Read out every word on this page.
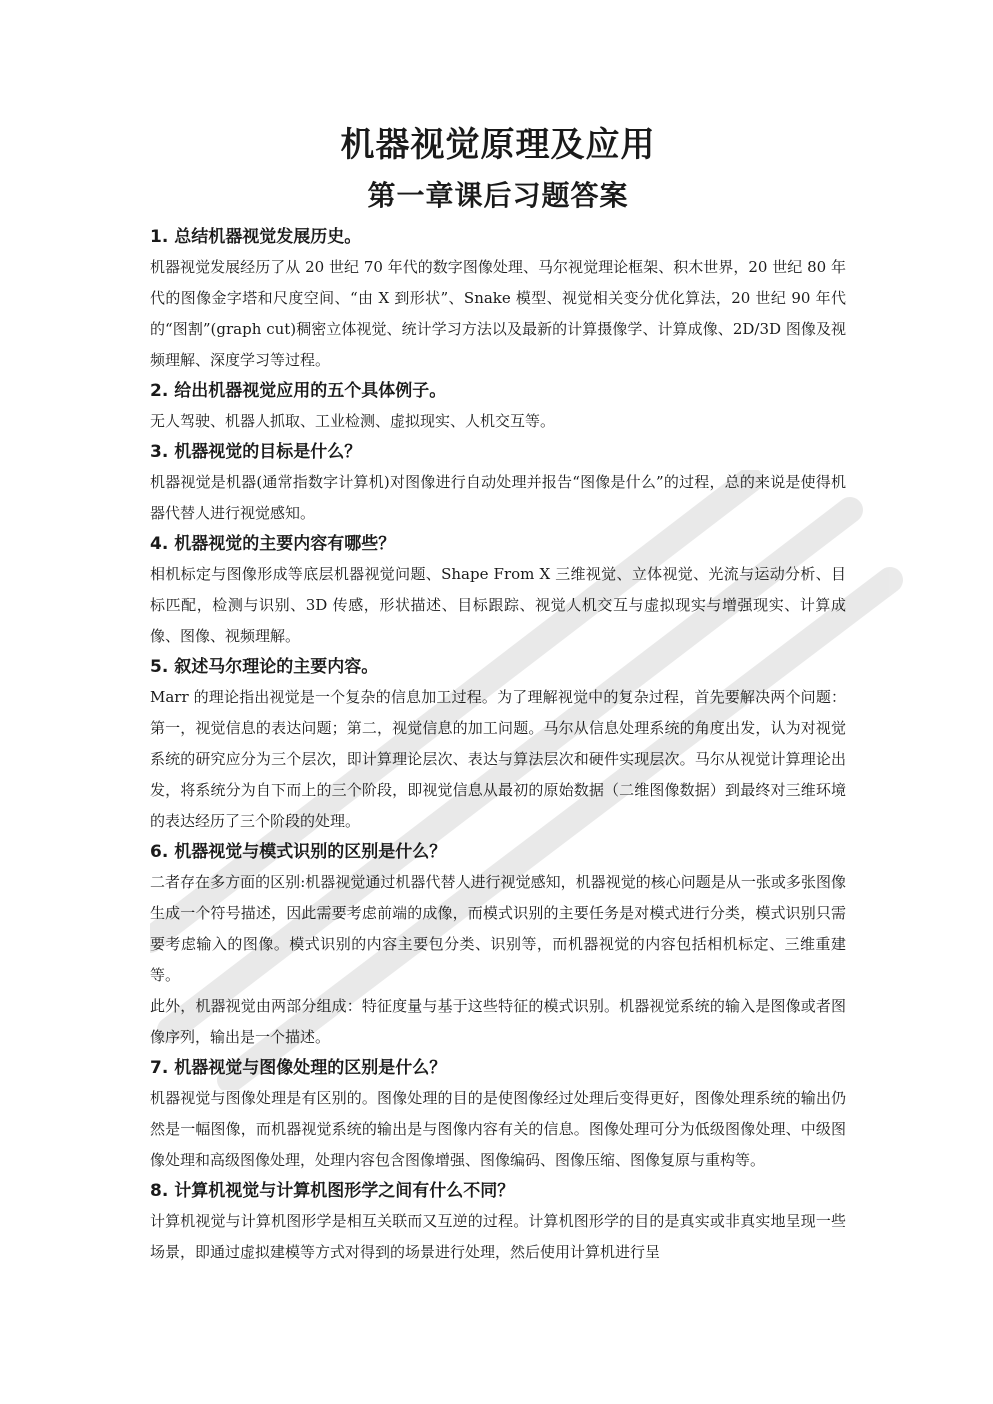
机器视觉原理及应用
第一章课后习题答案

1. 总结机器视觉发展历史。

机器视觉发展经历了从 20 世纪 70 年代的数字图像处理、马尔视觉理论框架、积木世界，20 世纪 80 年代的图像金字塔和尺度空间、“由 X 到形状”、Snake 模型、视觉相关变分优化算法，20 世纪 90 年代的“图割”(graph cut)稠密立体视觉、统计学习方法以及最新的计算摄像学、计算成像、2D/3D 图像及视频理解、深度学习等过程。

2. 给出机器视觉应用的五个具体例子。

无人驾驶、机器人抓取、工业检测、虚拟现实、人机交互等。

3. 机器视觉的目标是什么？

机器视觉是机器(通常指数字计算机)对图像进行自动处理并报告“图像是什么”的过程，总的来说是使得机器代替人进行视觉感知。

4. 机器视觉的主要内容有哪些？

相机标定与图像形成等底层机器视觉问题、Shape From X 三维视觉、立体视觉、光流与运动分析、目标匹配，检测与识别、3D 传感，形状描述、目标跟踪、视觉人机交互与虚拟现实与增强现实、计算成像、图像、视频理解。

5. 叙述马尔理论的主要内容。

Marr 的理论指出视觉是一个复杂的信息加工过程。为了理解视觉中的复杂过程，首先要解决两个问题：第一，视觉信息的表达问题；第二，视觉信息的加工问题。马尔从信息处理系统的角度出发，认为对视觉系统的研究应分为三个层次，即计算理论层次、表达与算法层次和硬件实现层次。马尔从视觉计算理论出发，将系统分为自下而上的三个阶段，即视觉信息从最初的原始数据（二维图像数据）到最终对三维环境的表达经历了三个阶段的处理。

6. 机器视觉与模式识别的区别是什么？

二者存在多方面的区别:机器视觉通过机器代替人进行视觉感知，机器视觉的核心问题是从一张或多张图像生成一个符号描述，因此需要考虑前端的成像，而模式识别的主要任务是对模式进行分类，模式识别只需要考虑输入的图像。模式识别的内容主要包分类、识别等，而机器视觉的内容包括相机标定、三维重建等。

此外，机器视觉由两部分组成：特征度量与基于这些特征的模式识别。机器视觉系统的输入是图像或者图像序列，输出是一个描述。

7. 机器视觉与图像处理的区别是什么？

机器视觉与图像处理是有区别的。图像处理的目的是使图像经过处理后变得更好，图像处理系统的输出仍然是一幅图像，而机器视觉系统的输出是与图像内容有关的信息。图像处理可分为低级图像处理、中级图像处理和高级图像处理，处理内容包含图像增强、图像编码、图像压缩、图像复原与重构等。

8. 计算机视觉与计算机图形学之间有什么不同？

计算机视觉与计算机图形学是相互关联而又互逆的过程。计算机图形学的目的是真实或非真实地呈现一些场景，即通过虚拟建模等方式对得到的场景进行处理，然后使用计算机进行呈
